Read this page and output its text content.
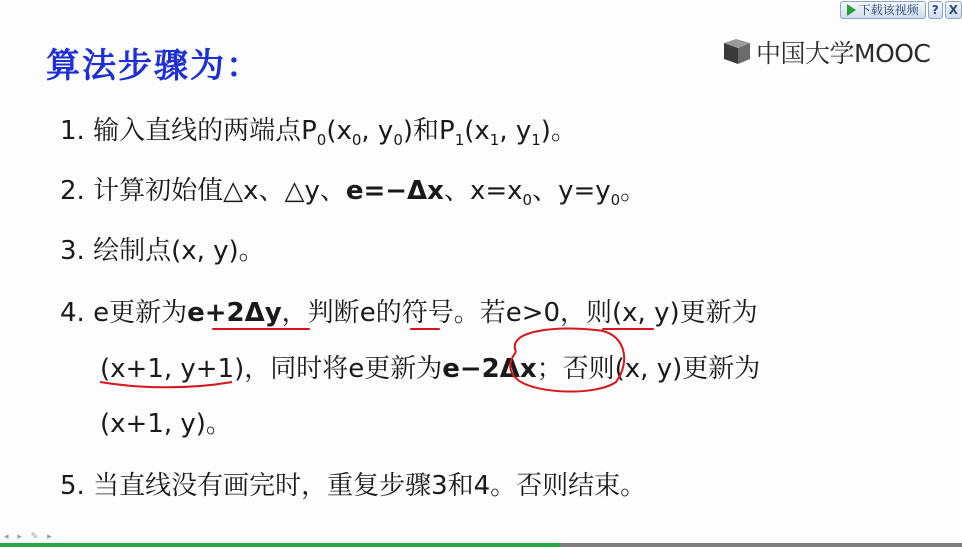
下载该视频 ? X
中国大学MOOC
算法步骤为：
1. 输入直线的两端点$P_0(x_0$, $y_0$)和$P_1(x_1$, $y_1$)。
2. 计算初始值△x、△y、e=−Δx、$x=x_0$、$y=y_0$。
3. 绘制点(x, y)。
4. e更新为e+2Δy，判断e的符号。若e>0，则(x, y)更新为
(x+1, y+1)，同时将e更新为e−2Δx；否则(x, y)更新为
(x+1, y)。
5. 当直线没有画完时，重复步骤3和4。否则结束。
◂ ▸ ✎ ▸
